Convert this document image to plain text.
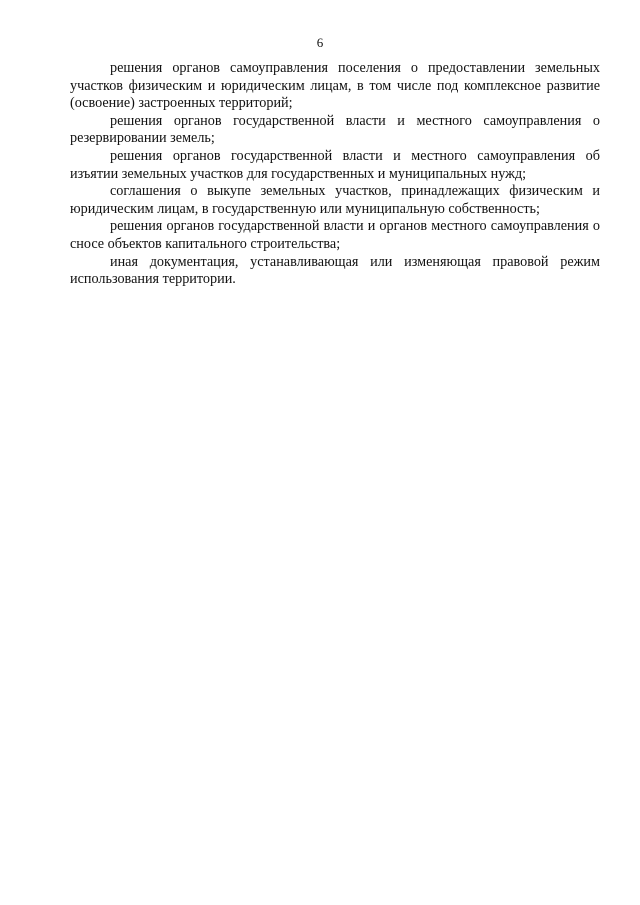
6

решения органов самоуправления поселения о предоставлении земельных участков физическим и юридическим лицам, в том числе под комплексное развитие (освоение) застроенных территорий;

решения органов государственной власти и местного самоуправления о резервировании земель;

решения органов государственной власти и местного самоуправления об изъятии земельных участков для государственных и муниципальных нужд;

соглашения о выкупе земельных участков, принадлежащих физическим и юридическим лицам, в государственную или муниципальную собственность;

решения органов государственной власти и органов местного самоуправления о сносе объектов капитального строительства;

иная документация, устанавливающая или изменяющая правовой режим использования территории.
